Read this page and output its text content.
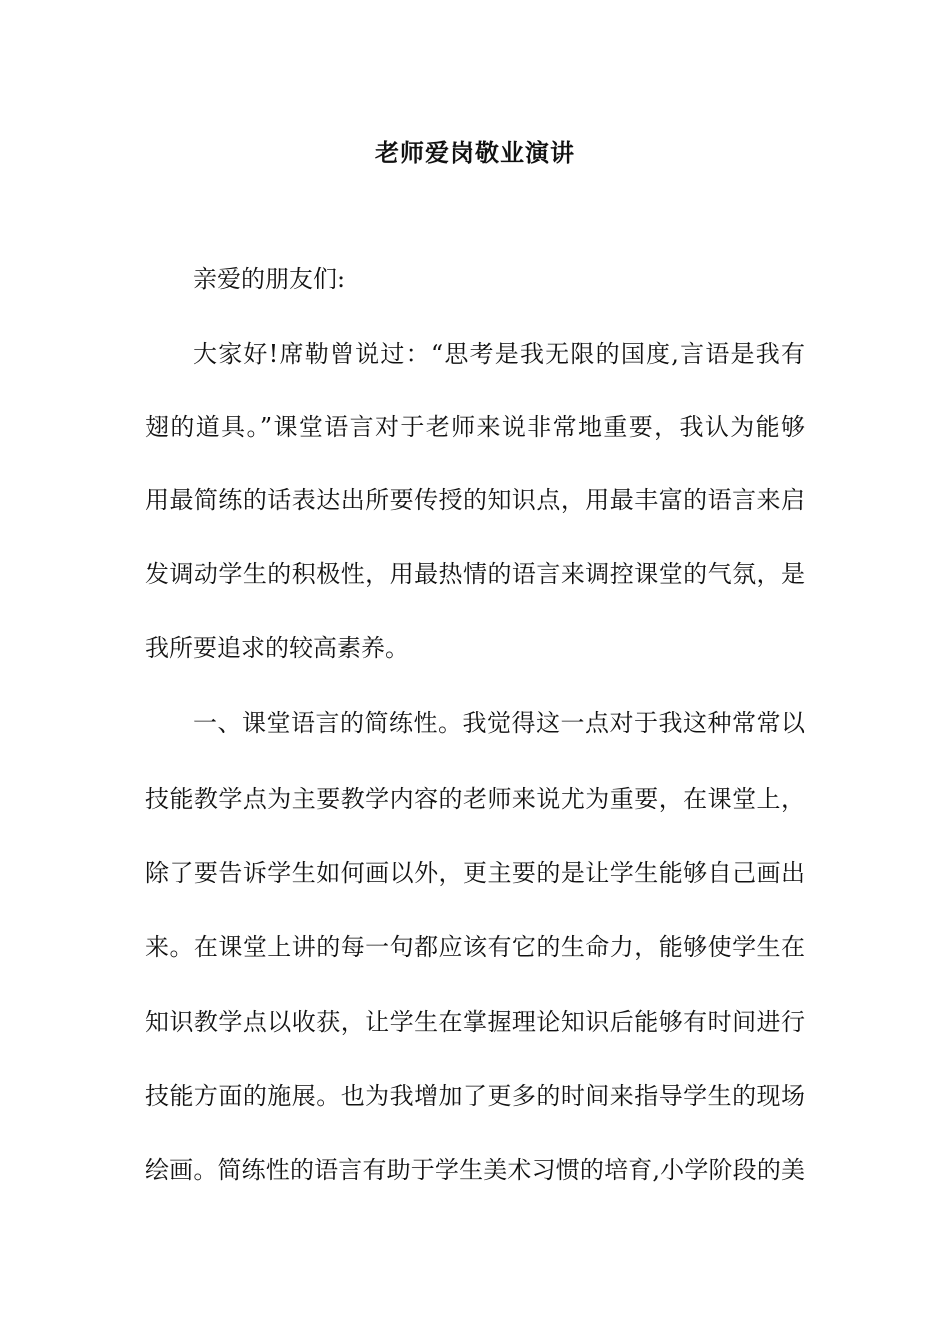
老师爱岗敬业演讲
亲爱的朋友们:
大家好!席勒曾说过：“思考是我无限的国度,言语是我有
翅的道具。”课堂语言对于老师来说非常地重要，我认为能够
用最简练的话表达出所要传授的知识点，用最丰富的语言来启
发调动学生的积极性，用最热情的语言来调控课堂的气氛，是
我所要追求的较高素养。
一、课堂语言的简练性。我觉得这一点对于我这种常常以
技能教学点为主要教学内容的老师来说尤为重要，在课堂上，
除了要告诉学生如何画以外，更主要的是让学生能够自己画出
来。在课堂上讲的每一句都应该有它的生命力，能够使学生在
知识教学点以收获，让学生在掌握理论知识后能够有时间进行
技能方面的施展。也为我增加了更多的时间来指导学生的现场
绘画。简练性的语言有助于学生美术习惯的培育,小学阶段的美
